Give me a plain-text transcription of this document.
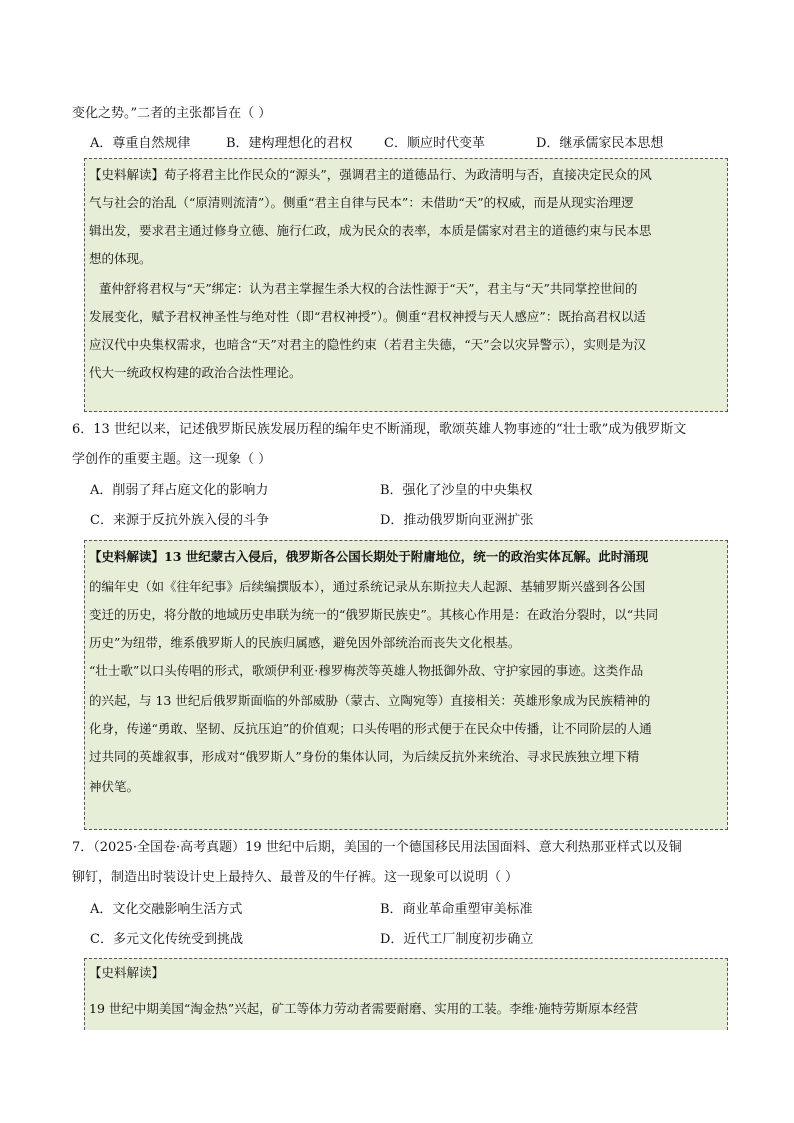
变化之势。”二者的主张都旨在（ ）
A．尊重自然规律	B．建构理想化的君权 C．顺应时代变革	D．继承儒家民本思想
【史料解读】荀子将君主比作民众的“源头”，强调君主的道德品行、为政清明与否，直接决定民众的风
气与社会的治乱（“原清则流清”）。侧重“君主自律与民本”：未借助“天”的权威，而是从现实治理逻
辑出发，要求君主通过修身立德、施行仁政，成为民众的表率，本质是儒家对君主的道德约束与民本思
想的体现。
董仲舒将君权与“天”绑定：认为君主掌握生杀大权的合法性源于“天”，君主与“天”共同掌控世间的
发展变化，赋予君权神圣性与绝对性（即“君权神授”）。侧重“君权神授与天人感应”：既抬高君权以适
应汉代中央集权需求，也暗含“天”对君主的隐性约束（若君主失德，“天”会以灾异警示），实则是为汉
代大一统政权构建的政治合法性理论。
6．13 世纪以来，记述俄罗斯民族发展历程的编年史不断涌现，歌颂英雄人物事迹的“壮士歌”成为俄罗斯文
学创作的重要主题。这一现象（ ）
A．削弱了拜占庭文化的影响力	B．强化了沙皇的中央集权
C．来源于反抗外族入侵的斗争	D．推动俄罗斯向亚洲扩张
【史料解读】13 世纪蒙古入侵后，俄罗斯各公国长期处于附庸地位，统一的政治实体瓦解。此时涌现
的编年史（如《往年纪事》后续编撰版本），通过系统记录从东斯拉夫人起源、基辅罗斯兴盛到各公国
变迁的历史，将分散的地域历史串联为统一的“俄罗斯民族史”。其核心作用是：在政治分裂时，以“共同
历史”为纽带，维系俄罗斯人的民族归属感，避免因外部统治而丧失文化根基。
“壮士歌”以口头传唱的形式，歌颂伊利亚·穆罗梅茨等英雄人物抵御外敌、守护家园的事迹。这类作品
的兴起，与 13 世纪后俄罗斯面临的外部威胁（蒙古、立陶宛等）直接相关：英雄形象成为民族精神的
化身，传递“勇敢、坚韧、反抗压迫”的价值观；口头传唱的形式便于在民众中传播，让不同阶层的人通
过共同的英雄叙事，形成对“俄罗斯人”身份的集体认同，为后续反抗外来统治、寻求民族独立埋下精
神伏笔。
7．（2025·全国卷·高考真题）19 世纪中后期，美国的一个德国移民用法国面料、意大利热那亚样式以及铜
铆钉，制造出时装设计史上最持久、最普及的牛仔裤。这一现象可以说明（ ）
A．文化交融影响生活方式	B．商业革命重塑审美标准
C．多元文化传统受到挑战	D．近代工厂制度初步确立
【史料解读】
19 世纪中期美国“淘金热”兴起，矿工等体力劳动者需要耐磨、实用的工装。李维·施特劳斯原本经营
